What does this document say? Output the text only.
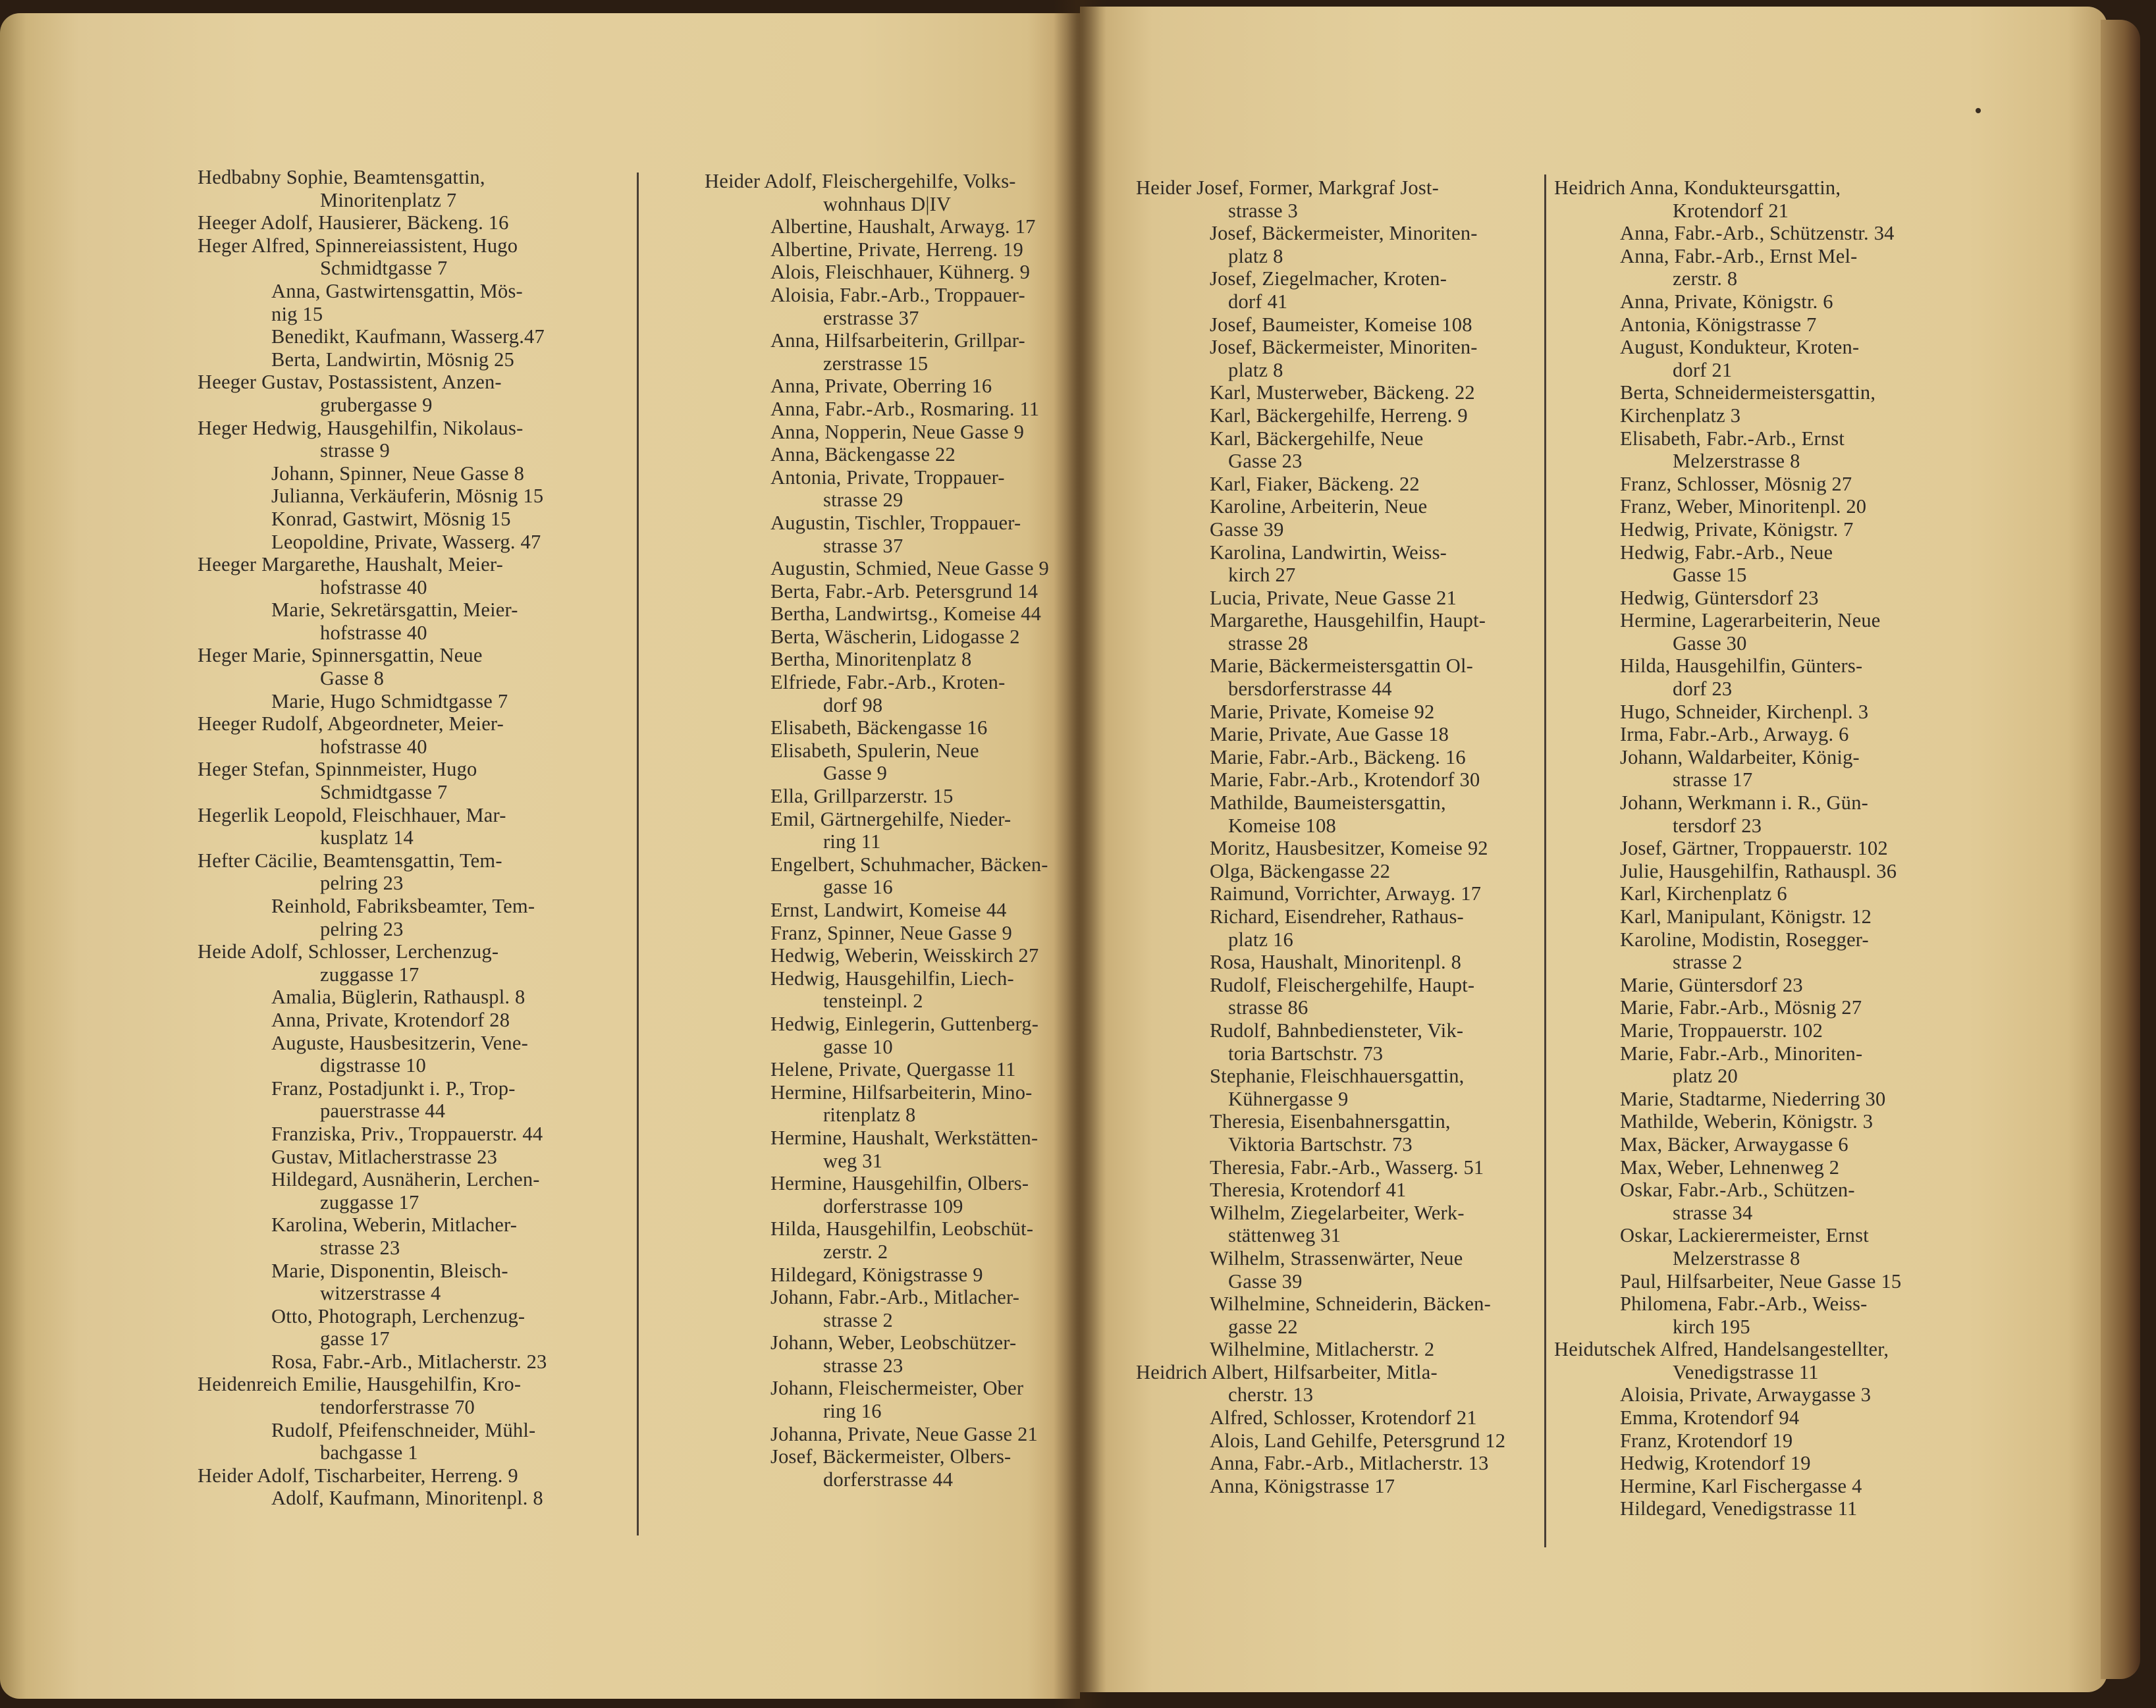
Hedbabny Sophie, Beamtensgattin,
Minoritenplatz 7
Heeger Adolf, Hausierer, Bäckeng. 16
Heger Alfred, Spinnereiassistent, Hugo
Schmidtgasse 7
Anna, Gastwirtensgattin, Mös-
nig 15
Benedikt, Kaufmann, Wasserg.47
Berta, Landwirtin, Mösnig 25
Heeger Gustav, Postassistent, Anzen-
grubergasse 9
Heger Hedwig, Hausgehilfin, Nikolaus-
strasse 9
Johann, Spinner, Neue Gasse 8
Julianna, Verkäuferin, Mösnig 15
Konrad, Gastwirt, Mösnig 15
Leopoldine, Private, Wasserg. 47
Heeger Margarethe, Haushalt, Meier-
hofstrasse 40
Marie, Sekretärsgattin, Meier-
hofstrasse 40
Heger Marie, Spinnersgattin, Neue
Gasse 8
Marie, Hugo Schmidtgasse 7
Heeger Rudolf, Abgeordneter, Meier-
hofstrasse 40
Heger Stefan, Spinnmeister, Hugo
Schmidtgasse 7
Hegerlik Leopold, Fleischhauer, Mar-
kusplatz 14
Hefter Cäcilie, Beamtensgattin, Tem-
pelring 23
Reinhold, Fabriksbeamter, Tem-
pelring 23
Heide Adolf, Schlosser, Lerchenzug-
zuggasse 17
Amalia, Büglerin, Rathauspl. 8
Anna, Private, Krotendorf 28
Auguste, Hausbesitzerin, Vene-
digstrasse 10
Franz, Postadjunkt i. P., Trop-
pauerstrasse 44
Franziska, Priv., Troppauerstr. 44
Gustav, Mitlacherstrasse 23
Hildegard, Ausnäherin, Lerchen-
zuggasse 17
Karolina, Weberin, Mitlacher-
strasse 23
Marie, Disponentin, Bleisch-
witzerstrasse 4
Otto, Photograph, Lerchenzug-
gasse 17
Rosa, Fabr.-Arb., Mitlacherstr. 23
Heidenreich Emilie, Hausgehilfin, Kro-
tendorferstrasse 70
Rudolf, Pfeifenschneider, Mühl-
bachgasse 1
Heider Adolf, Tischarbeiter, Herreng. 9
Adolf, Kaufmann, Minoritenpl. 8
Heider Adolf, Fleischergehilfe, Volks-
wohnhaus D|IV
Albertine, Haushalt, Arwayg. 17
Albertine, Private, Herreng. 19
Alois, Fleischhauer, Kühnerg. 9
Aloisia, Fabr.-Arb., Troppauer-
erstrasse 37
Anna, Hilfsarbeiterin, Grillpar-
zerstrasse 15
Anna, Private, Oberring 16
Anna, Fabr.-Arb., Rosmaring. 11
Anna, Nopperin, Neue Gasse 9
Anna, Bäckengasse 22
Antonia, Private, Troppauer-
strasse 29
Augustin, Tischler, Troppauer-
strasse 37
Augustin, Schmied, Neue Gasse 9
Berta, Fabr.-Arb. Petersgrund 14
Bertha, Landwirtsg., Komeise 44
Berta, Wäscherin, Lidogasse 2
Bertha, Minoritenplatz 8
Elfriede, Fabr.-Arb., Kroten-
dorf 98
Elisabeth, Bäckengasse 16
Elisabeth, Spulerin, Neue
Gasse 9
Ella, Grillparzerstr. 15
Emil, Gärtnergehilfe, Nieder-
ring 11
Engelbert, Schuhmacher, Bäcken-
gasse 16
Ernst, Landwirt, Komeise 44
Franz, Spinner, Neue Gasse 9
Hedwig, Weberin, Weisskirch 27
Hedwig, Hausgehilfin, Liech-
tensteinpl. 2
Hedwig, Einlegerin, Guttenberg-
gasse 10
Helene, Private, Quergasse 11
Hermine, Hilfsarbeiterin, Mino-
ritenplatz 8
Hermine, Haushalt, Werkstätten-
weg 31
Hermine, Hausgehilfin, Olbers-
dorferstrasse 109
Hilda, Hausgehilfin, Leobschüt-
zerstr. 2
Hildegard, Königstrasse 9
Johann, Fabr.-Arb., Mitlacher-
strasse 2
Johann, Weber, Leobschützer-
strasse 23
Johann, Fleischermeister, Ober
ring 16
Johanna, Private, Neue Gasse 21
Josef, Bäckermeister, Olbers-
dorferstrasse 44
Heider Josef, Former, Markgraf Jost-
strasse 3
Josef, Bäckermeister, Minoriten-
platz 8
Josef, Ziegelmacher, Kroten-
dorf 41
Josef, Baumeister, Komeise 108
Josef, Bäckermeister, Minoriten-
platz 8
Karl, Musterweber, Bäckeng. 22
Karl, Bäckergehilfe, Herreng. 9
Karl, Bäckergehilfe, Neue
Gasse 23
Karl, Fiaker, Bäckeng. 22
Karoline, Arbeiterin, Neue
Gasse 39
Karolina, Landwirtin, Weiss-
kirch 27
Lucia, Private, Neue Gasse 21
Margarethe, Hausgehilfin, Haupt-
strasse 28
Marie, Bäckermeistersgattin Ol-
bersdorferstrasse 44
Marie, Private, Komeise 92
Marie, Private, Aue Gasse 18
Marie, Fabr.-Arb., Bäckeng. 16
Marie, Fabr.-Arb., Krotendorf 30
Mathilde, Baumeistersgattin,
Komeise 108
Moritz, Hausbesitzer, Komeise 92
Olga, Bäckengasse 22
Raimund, Vorrichter, Arwayg. 17
Richard, Eisendreher, Rathaus-
platz 16
Rosa, Haushalt, Minoritenpl. 8
Rudolf, Fleischergehilfe, Haupt-
strasse 86
Rudolf, Bahnbediensteter, Vik-
toria Bartschstr. 73
Stephanie, Fleischhauersgattin,
Kühnergasse 9
Theresia, Eisenbahnersgattin,
Viktoria Bartschstr. 73
Theresia, Fabr.-Arb., Wasserg. 51
Theresia, Krotendorf 41
Wilhelm, Ziegelarbeiter, Werk-
stättenweg 31
Wilhelm, Strassenwärter, Neue
Gasse 39
Wilhelmine, Schneiderin, Bäcken-
gasse 22
Wilhelmine, Mitlacherstr. 2
Heidrich Albert, Hilfsarbeiter, Mitla-
cherstr. 13
Alfred, Schlosser, Krotendorf 21
Alois, Land Gehilfe, Petersgrund 12
Anna, Fabr.-Arb., Mitlacherstr. 13
Anna, Königstrasse 17
Heidrich Anna, Kondukteursgattin,
Krotendorf 21
Anna, Fabr.-Arb., Schützenstr. 34
Anna, Fabr.-Arb., Ernst Mel-
zerstr. 8
Anna, Private, Königstr. 6
Antonia, Königstrasse 7
August, Kondukteur, Kroten-
dorf 21
Berta, Schneidermeistersgattin,
Kirchenplatz 3
Elisabeth, Fabr.-Arb., Ernst
Melzerstrasse 8
Franz, Schlosser, Mösnig 27
Franz, Weber, Minoritenpl. 20
Hedwig, Private, Königstr. 7
Hedwig, Fabr.-Arb., Neue
Gasse 15
Hedwig, Güntersdorf 23
Hermine, Lagerarbeiterin, Neue
Gasse 30
Hilda, Hausgehilfin, Günters-
dorf 23
Hugo, Schneider, Kirchenpl. 3
Irma, Fabr.-Arb., Arwayg. 6
Johann, Waldarbeiter, König-
strasse 17
Johann, Werkmann i. R., Gün-
tersdorf 23
Josef, Gärtner, Troppauerstr. 102
Julie, Hausgehilfin, Rathauspl. 36
Karl, Kirchenplatz 6
Karl, Manipulant, Königstr. 12
Karoline, Modistin, Rosegger-
strasse 2
Marie, Güntersdorf 23
Marie, Fabr.-Arb., Mösnig 27
Marie, Troppauerstr. 102
Marie, Fabr.-Arb., Minoriten-
platz 20
Marie, Stadtarme, Niederring 30
Mathilde, Weberin, Königstr. 3
Max, Bäcker, Arwaygasse 6
Max, Weber, Lehnenweg 2
Oskar, Fabr.-Arb., Schützen-
strasse 34
Oskar, Lackierermeister, Ernst
Melzerstrasse 8
Paul, Hilfsarbeiter, Neue Gasse 15
Philomena, Fabr.-Arb., Weiss-
kirch 195
Heidutschek Alfred, Handelsangestellter,
Venedigstrasse 11
Aloisia, Private, Arwaygasse 3
Emma, Krotendorf 94
Franz, Krotendorf 19
Hedwig, Krotendorf 19
Hermine, Karl Fischergasse 4
Hildegard, Venedigstrasse 11
